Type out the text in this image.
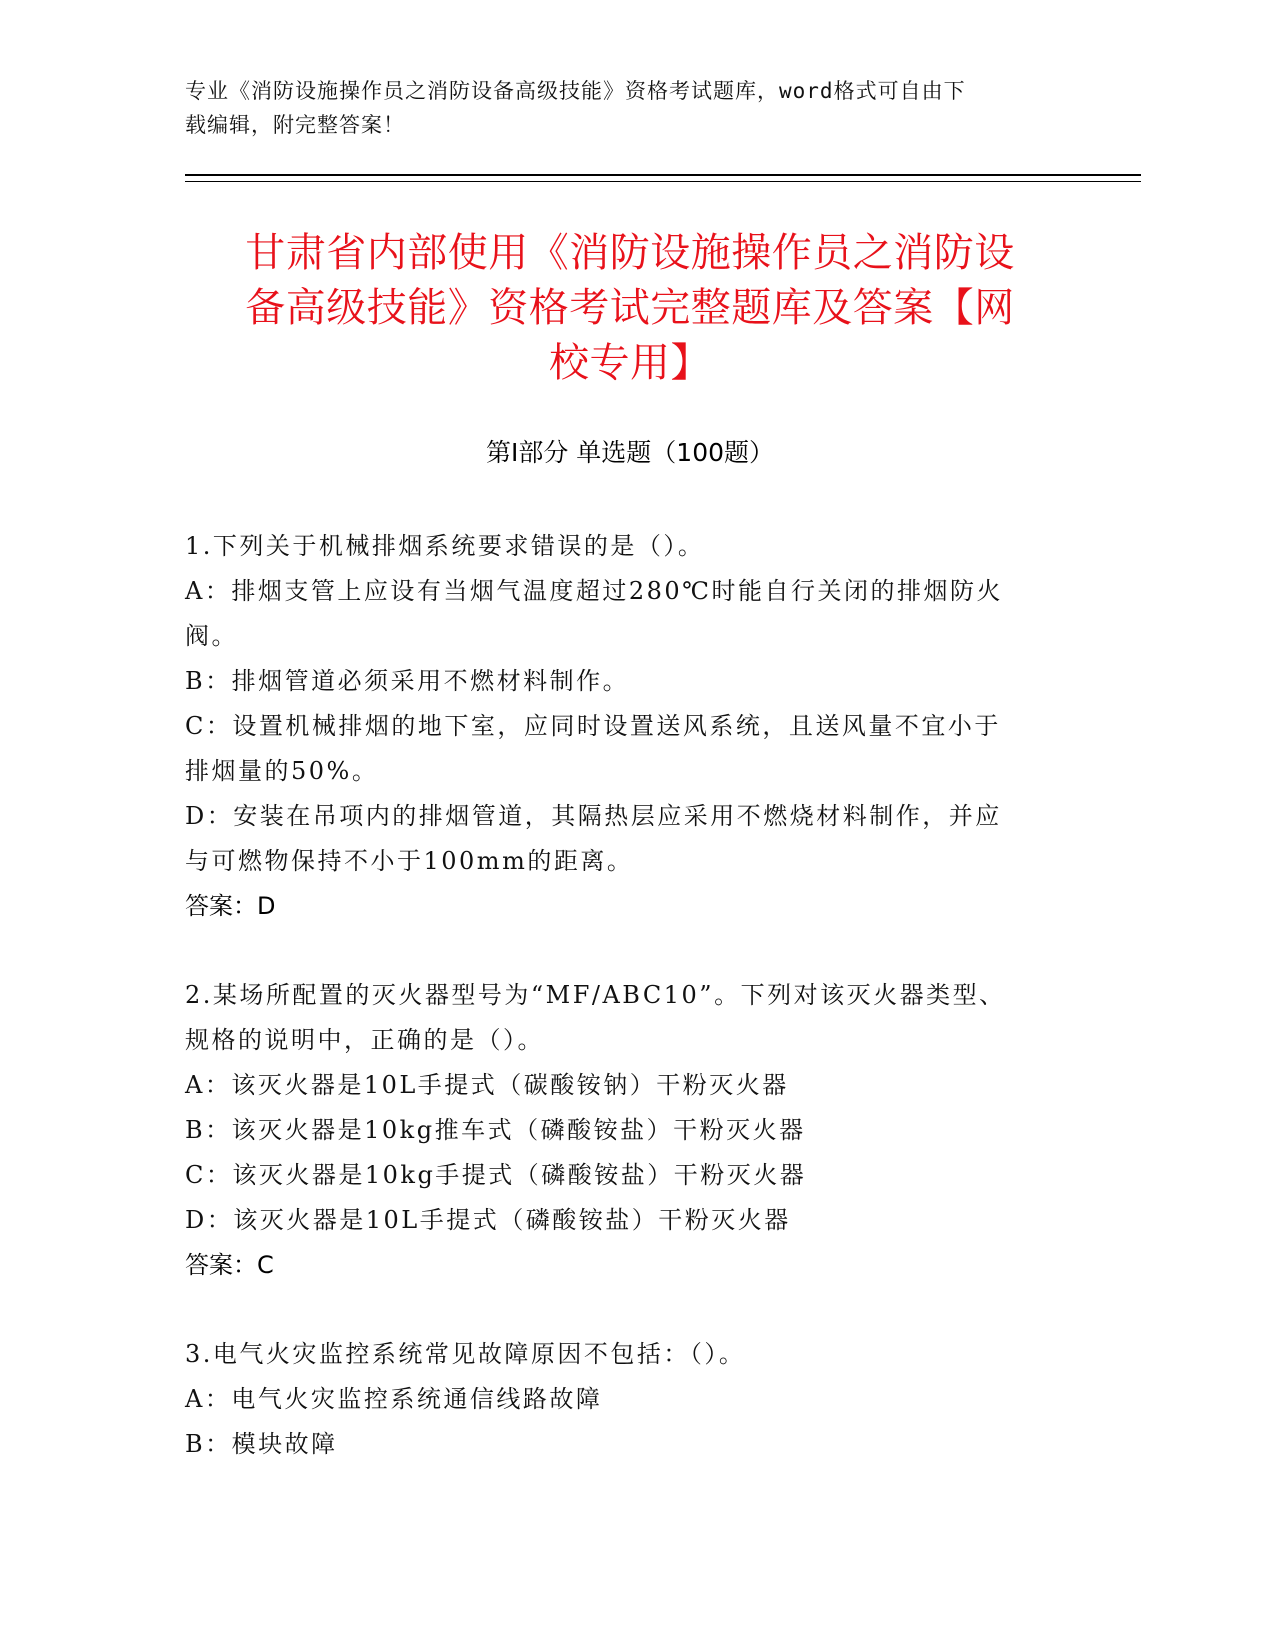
专业《消防设施操作员之消防设备高级技能》资格考试题库，word格式可自由下
载编辑，附完整答案！
甘肃省内部使用《消防设施操作员之消防设
备高级技能》资格考试完整题库及答案【网
校专用】
第Ⅰ部分 单选题（100题）

1.下列关于机械排烟系统要求错误的是（）。

A：排烟支管上应设有当烟气温度超过280℃时能自行关闭的排烟防火

阀。

B：排烟管道必须采用不燃材料制作。

C：设置机械排烟的地下室，应同时设置送风系统，且送风量不宜小于

排烟量的50%。

D：安装在吊项内的排烟管道，其隔热层应采用不燃烧材料制作，并应

与可燃物保持不小于100mm的距离。

答案：D

2.某场所配置的灭火器型号为“MF/ABC10”。下列对该灭火器类型、

规格的说明中，正确的是（）。

A：该灭火器是10L手提式（碳酸铵钠）干粉灭火器

B：该灭火器是10kg推车式（磷酸铵盐）干粉灭火器

C：该灭火器是10kg手提式（磷酸铵盐）干粉灭火器

D：该灭火器是10L手提式（磷酸铵盐）干粉灭火器

答案：C

3.电气火灾监控系统常见故障原因不包括：（）。

A：电气火灾监控系统通信线路故障

B：模块故障
